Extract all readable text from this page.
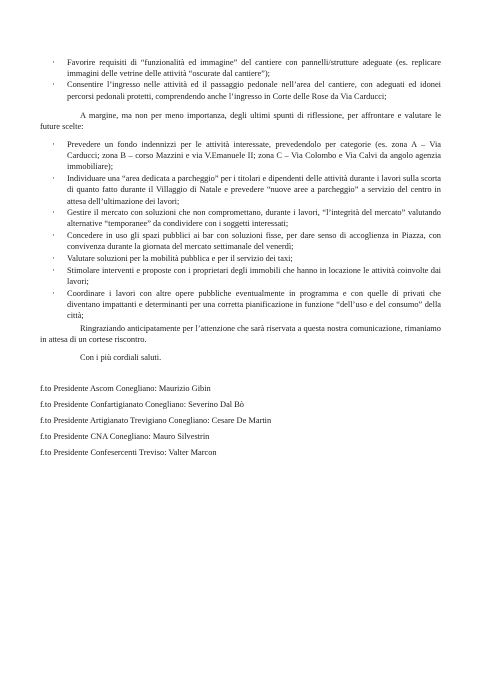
· Favorire requisiti di “funzionalità ed immagine” del cantiere con pannelli/strutture adeguate (es. replicare immagini delle vetrine delle attività “oscurate dal cantiere”);
· Consentire l’ingresso nelle attività ed il passaggio pedonale nell’area del cantiere, con adeguati ed idonei percorsi pedonali protetti, comprendendo anche l’ingresso in Corte delle Rose da Via Carducci;

A margine, ma non per meno importanza, degli ultimi spunti di riflessione, per affrontare e valutare le future scelte:

· Prevedere un fondo indennizzi per le attività interessate, prevedendolo per categorie (es. zona A – Via Carducci; zona B – corso Mazzini e via V.Emanuele II; zona C – Via Colombo e Via Calvi da angolo agenzia immobiliare);
· Individuare una “area dedicata a parcheggio” per i titolari e dipendenti delle attività durante i lavori sulla scorta di quanto fatto durante il Villaggio di Natale e prevedere “nuove aree a parcheggio” a servizio del centro in attesa dell’ultimazione dei lavori;
· Gestire il mercato con soluzioni che non compromettano, durante i lavori, “l’integrità del mercato” valutando alternative “temporanee” da condividere con i soggetti interessati;
· Concedere in uso gli spazi pubblici ai bar con soluzioni fisse, per dare senso di accoglienza in Piazza, con convivenza durante la giornata del mercato settimanale del venerdì;
· Valutare soluzioni per la mobilità pubblica e per il servizio dei taxi;
· Stimolare interventi e proposte con i proprietari degli immobili che hanno in locazione le attività coinvolte dai lavori;
· Coordinare i lavori con altre opere pubbliche eventualmente in programma e con quelle di privati che diventano impattanti e determinanti per una corretta pianificazione in funzione “dell’uso e del consumo” della città;

Ringraziando anticipatamente per l’attenzione che sarà riservata a questa nostra comunicazione, rimaniamo in attesa di un cortese riscontro.

Con i più cordiali saluti.

f.to Presidente Ascom Conegliano: Maurizio Gibin

f.to Presidente Confartigianato Conegliano: Severino Dal Bò

f.to Presidente Artigianato Trevigiano Conegliano: Cesare De Martin

f.to Presidente CNA Conegliano: Mauro Silvestrin

f.to Presidente Confesercenti Treviso: Valter Marcon
